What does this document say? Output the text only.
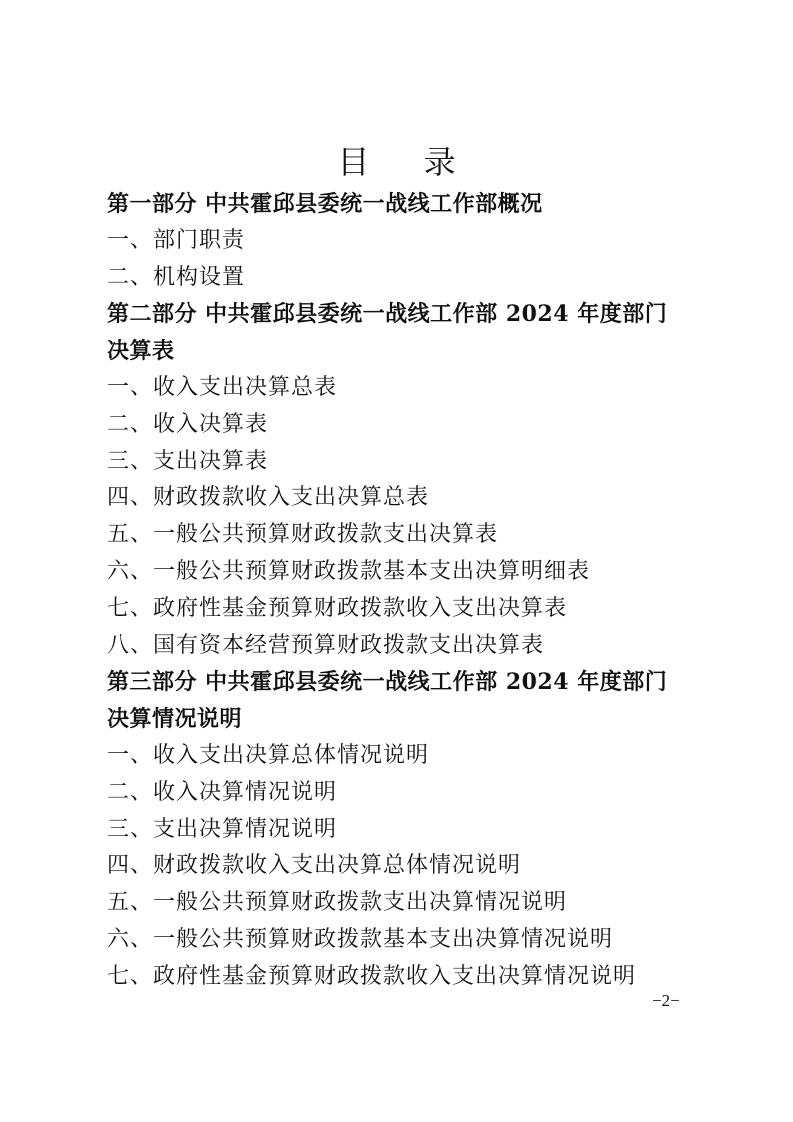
目 录
第一部分 中共霍邱县委统一战线工作部概况
一、部门职责
二、机构设置
第二部分 中共霍邱县委统一战线工作部 2024 年度部门
决算表
一、收入支出决算总表
二、收入决算表
三、支出决算表
四、财政拨款收入支出决算总表
五、一般公共预算财政拨款支出决算表
六、一般公共预算财政拨款基本支出决算明细表
七、政府性基金预算财政拨款收入支出决算表
八、国有资本经营预算财政拨款支出决算表
第三部分 中共霍邱县委统一战线工作部 2024 年度部门
决算情况说明
一、收入支出决算总体情况说明
二、收入决算情况说明
三、支出决算情况说明
四、财政拨款收入支出决算总体情况说明
五、一般公共预算财政拨款支出决算情况说明
六、一般公共预算财政拨款基本支出决算情况说明
七、政府性基金预算财政拨款收入支出决算情况说明
−2−
